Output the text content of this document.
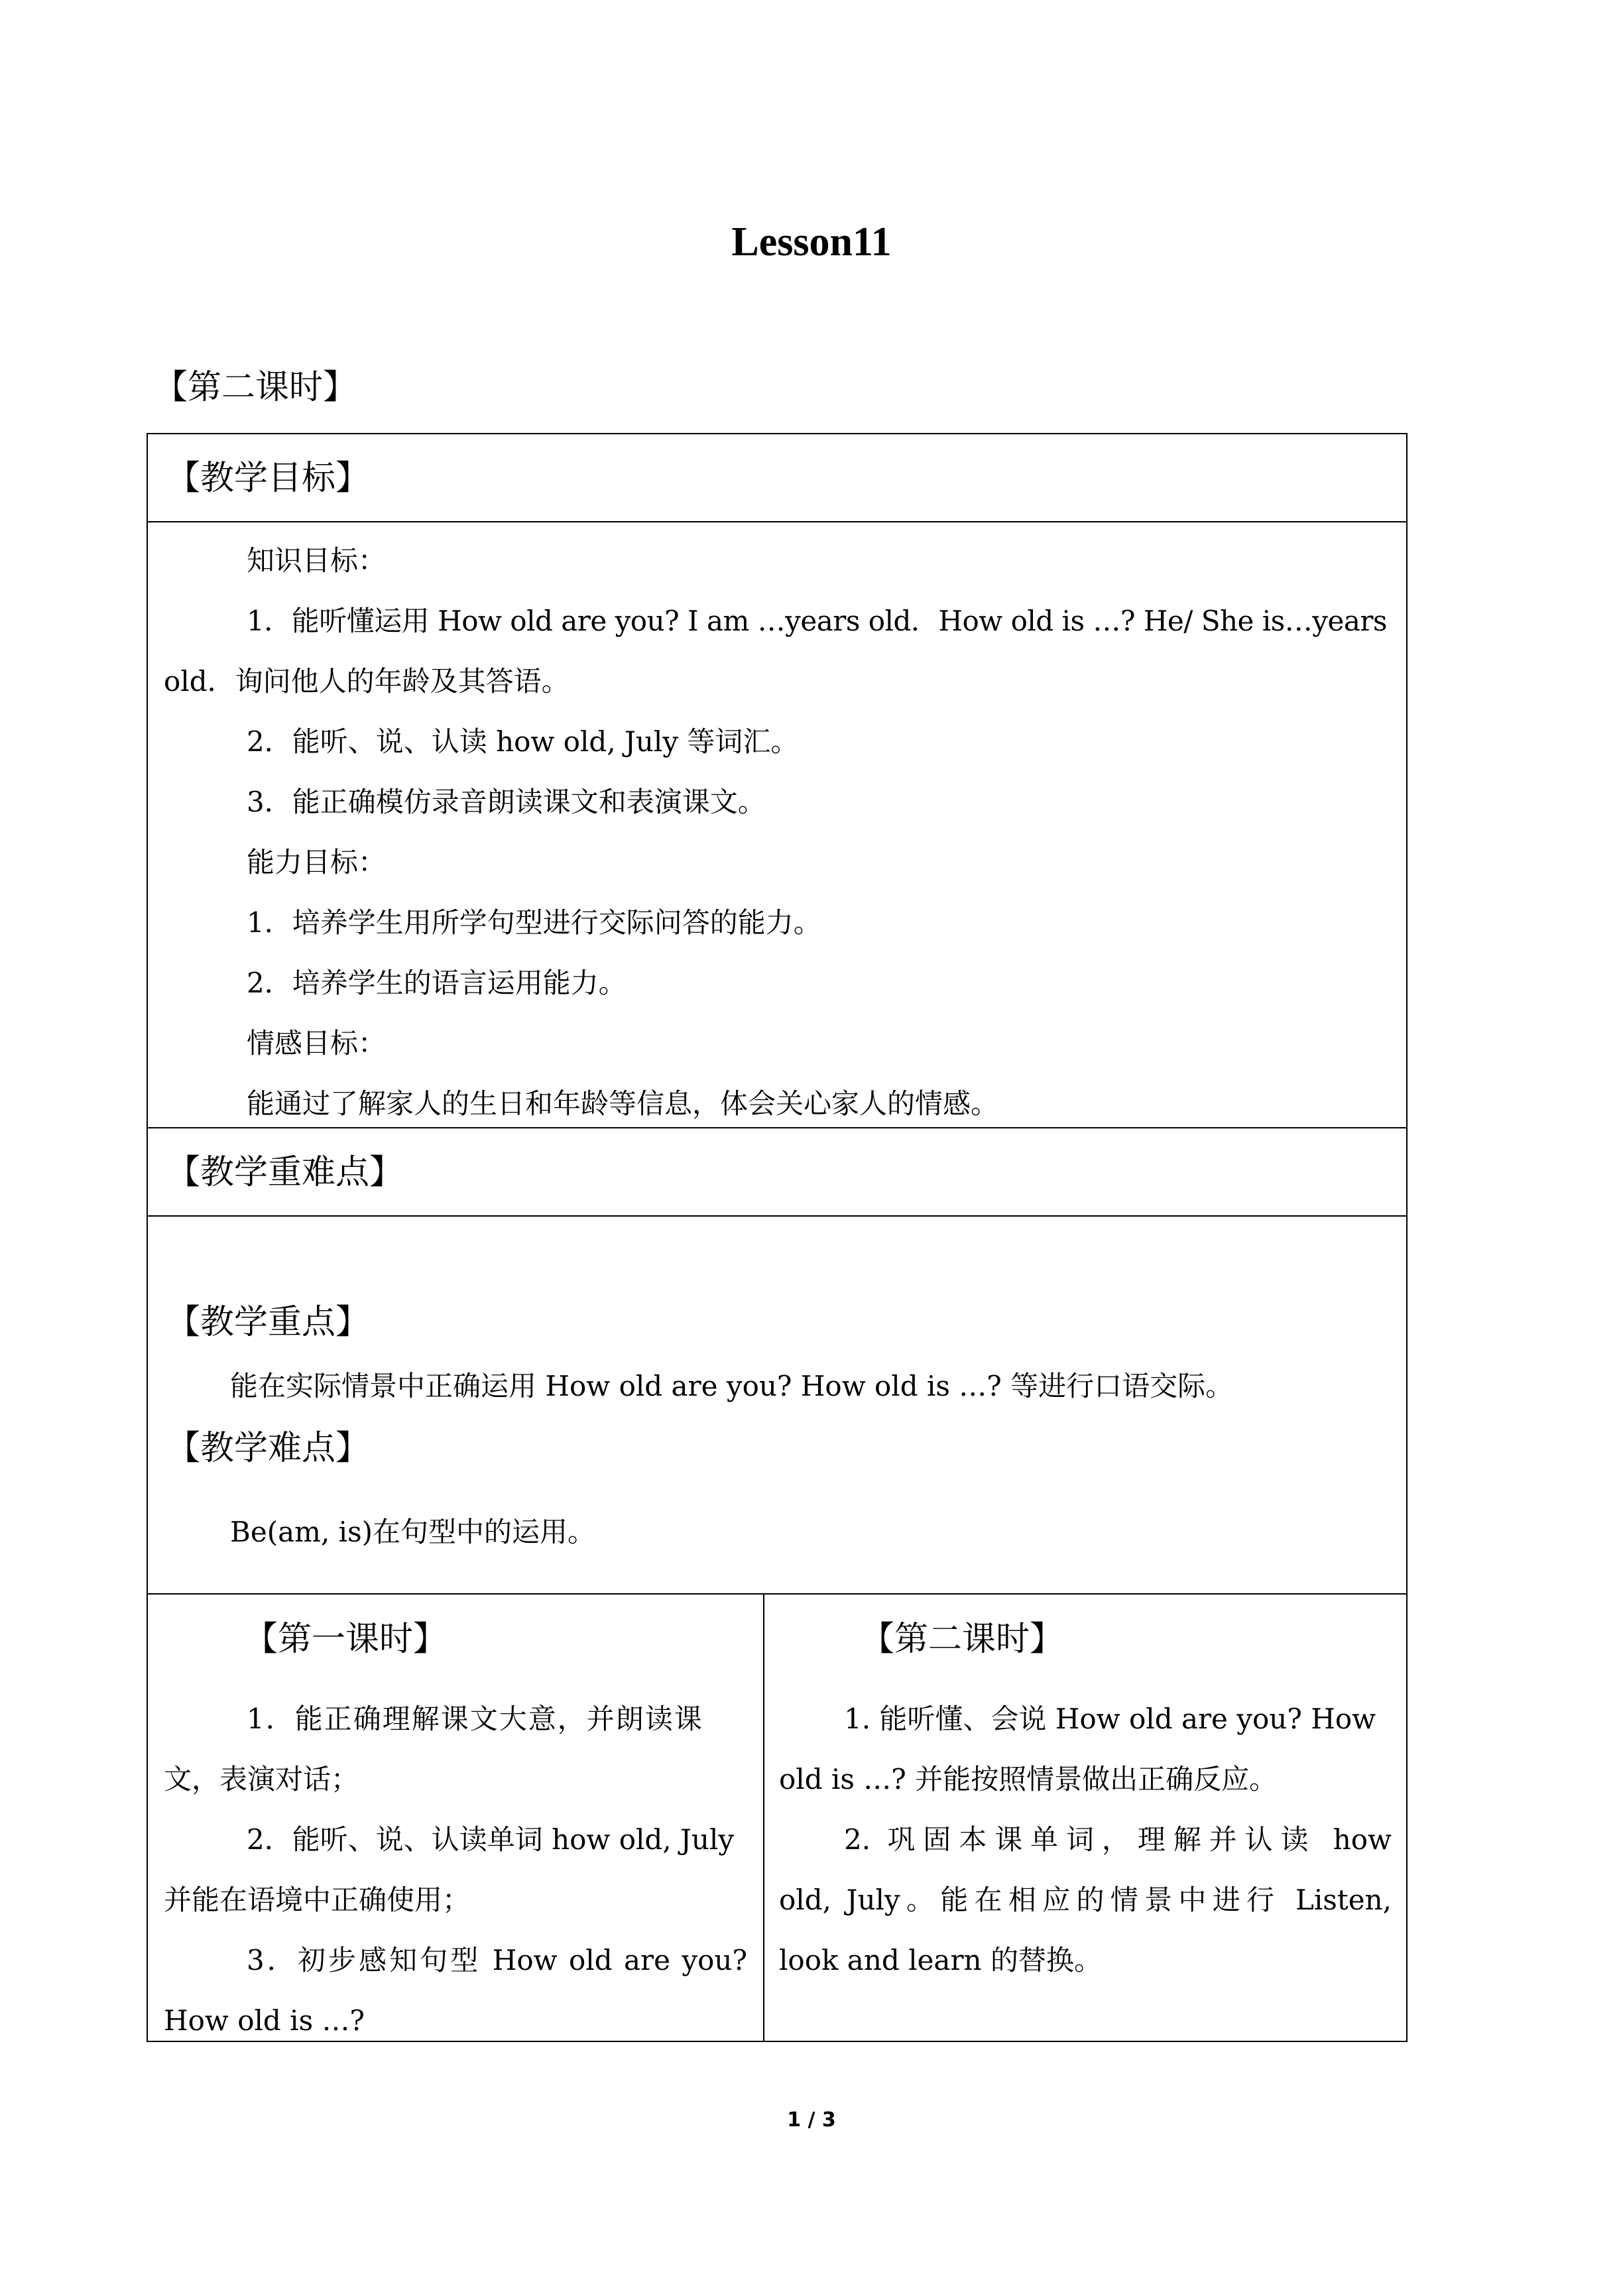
Lesson11
【第二课时】
【教学目标】
知识目标：
1．能听懂运用 How old are you? I am …years old．How old is …? He/ She is…years
old．询问他人的年龄及其答语。
2．能听、说、认读 how old, July 等词汇。
3．能正确模仿录音朗读课文和表演课文。
能力目标：
1．培养学生用所学句型进行交际问答的能力。
2．培养学生的语言运用能力。
情感目标：
能通过了解家人的生日和年龄等信息，体会关心家人的情感。
【教学重难点】
【教学重点】
能在实际情景中正确运用 How old are you? How old is …? 等进行口语交际。
【教学难点】
Be(am, is)在句型中的运用。
【第一课时】
1．能正确理解课文大意，并朗读课
文，表演对话；
2．能听、说、认读单词 how old, July
并能在语境中正确使用；
3．初步感知句型 How old are you?
How old is …?
【第二课时】
1. 能听懂、会说 How old are you? How
old is …? 并能按照情景做出正确反应。
2. 巩固本课单词，理解并认读 how
old, July。能在相应的情景中进行 Listen,
look and learn 的替换。
1 / 3
